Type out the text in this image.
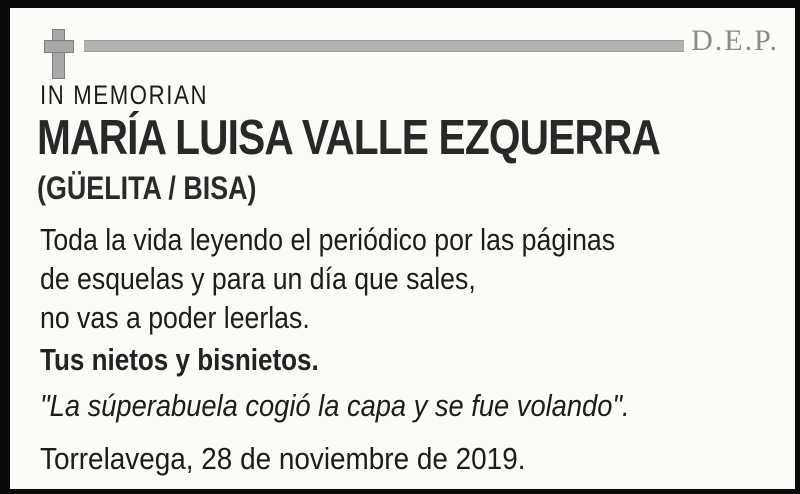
D.E.P.
IN MEMORIAN
MARÍA LUISA VALLE EZQUERRA
(GÜELITA / BISA)
Toda la vida leyendo el periódico por las páginas
de esquelas y para un día que sales,
no vas a poder leerlas.
Tus nietos y bisnietos.
"La súperabuela cogió la capa y se fue volando".
Torrelavega, 28 de noviembre de 2019.
